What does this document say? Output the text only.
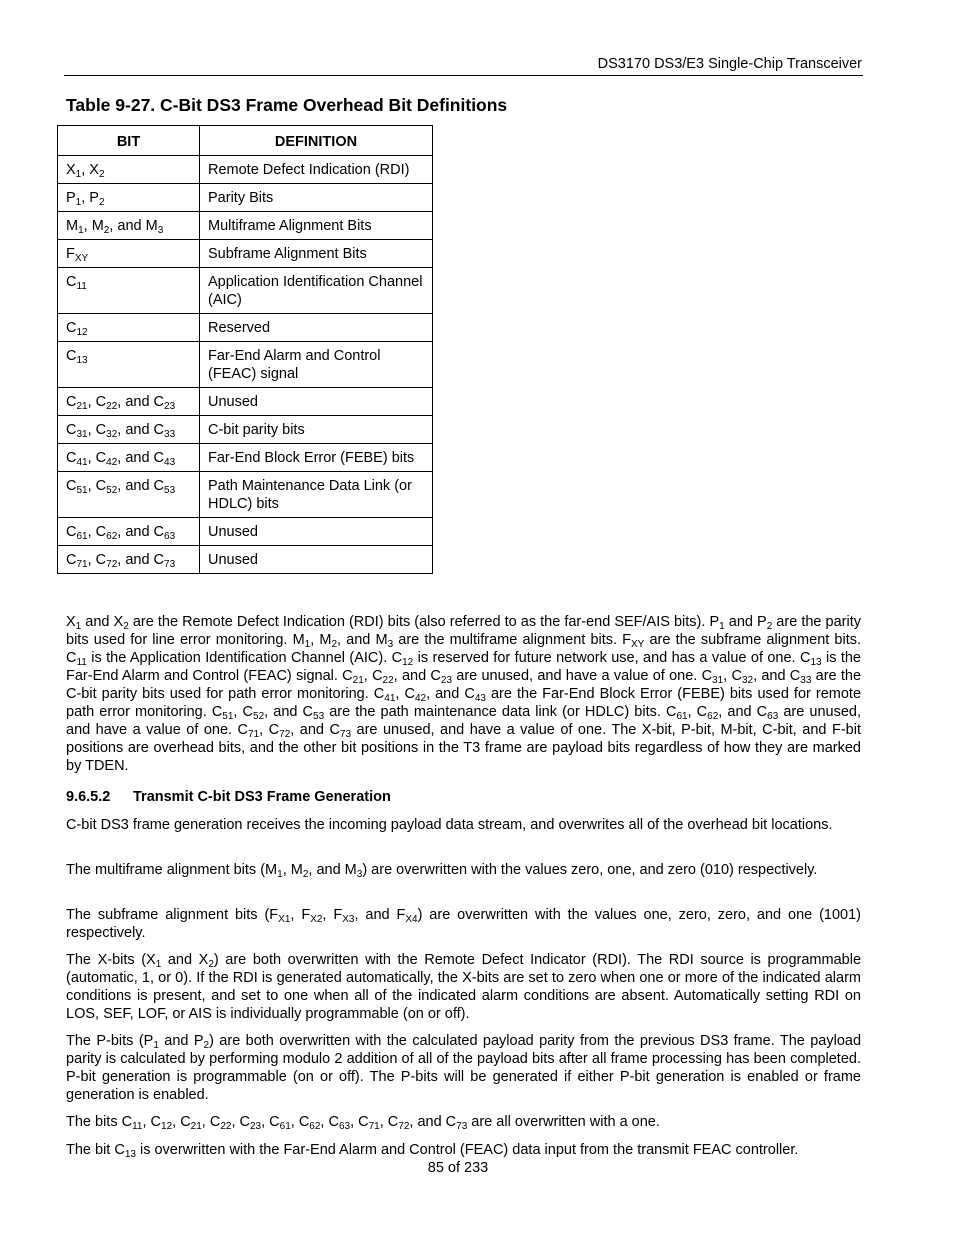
DS3170 DS3/E3 Single-Chip Transceiver
Table 9-27. C-Bit DS3 Frame Overhead Bit Definitions
BIT	DEFINITION
$X_1$, $X_2$	Remote Defect Indication (RDI)
$P_1$, $P_2$	Parity Bits
$M_1$, $M_2$, and $M_3$	Multiframe Alignment Bits
$F_{XY}$	Subframe Alignment Bits
$C_{11}$	Application Identification Channel (AIC)
$C_{12}$	Reserved
$C_{13}$	Far-End Alarm and Control (FEAC) signal
$C_{21}$, $C_{22}$, and $C_{23}$	Unused
$C_{31}$, $C_{32}$, and $C_{33}$	C-bit parity bits
$C_{41}$, $C_{42}$, and $C_{43}$	Far-End Block Error (FEBE) bits
$C_{51}$, $C_{52}$, and $C_{53}$	Path Maintenance Data Link (or HDLC) bits
$C_{61}$, $C_{62}$, and $C_{63}$	Unused
$C_{71}$, $C_{72}$, and $C_{73}$	Unused

$X_1$ and $X_2$ are the Remote Defect Indication (RDI) bits (also referred to as the far-end SEF/AIS bits). $P_1$ and $P_2$ are the parity bits used for line error monitoring. $M_1$, $M_2$, and $M_3$ are the multiframe alignment bits. $F_{XY}$ are the subframe alignment bits. $C_{11}$ is the Application Identification Channel (AIC). $C_{12}$ is reserved for future network use, and has a value of one. $C_{13}$ is the Far-End Alarm and Control (FEAC) signal. $C_{21}$, $C_{22}$, and $C_{23}$ are unused, and have a value of one. $C_{31}$, $C_{32}$, and $C_{33}$ are the C-bit parity bits used for path error monitoring. $C_{41}$, $C_{42}$, and $C_{43}$ are the Far-End Block Error (FEBE) bits used for remote path error monitoring. $C_{51}$, $C_{52}$, and $C_{53}$ are the path maintenance data link (or HDLC) bits. $C_{61}$, $C_{62}$, and $C_{63}$ are unused, and have a value of one. $C_{71}$, $C_{72}$, and $C_{73}$ are unused, and have a value of one. The X-bit, P-bit, M-bit, C-bit, and F-bit positions are overhead bits, and the other bit positions in the T3 frame are payload bits regardless of how they are marked by TDEN.

9.6.5.2 Transmit C-bit DS3 Frame Generation

C-bit DS3 frame generation receives the incoming payload data stream, and overwrites all of the overhead bit locations.

The multiframe alignment bits ($M_1$, $M_2$, and $M_3$) are overwritten with the values zero, one, and zero (010) respectively.

The subframe alignment bits ($F_{X1}$, $F_{X2}$, $F_{X3}$, and $F_{X4}$) are overwritten with the values one, zero, zero, and one (1001) respectively.

The X-bits ($X_1$ and $X_2$) are both overwritten with the Remote Defect Indicator (RDI). The RDI source is programmable (automatic, 1, or 0). If the RDI is generated automatically, the X-bits are set to zero when one or more of the indicated alarm conditions is present, and set to one when all of the indicated alarm conditions are absent. Automatically setting RDI on LOS, SEF, LOF, or AIS is individually programmable (on or off).

The P-bits ($P_1$ and $P_2$) are both overwritten with the calculated payload parity from the previous DS3 frame. The payload parity is calculated by performing modulo 2 addition of all of the payload bits after all frame processing has been completed. P-bit generation is programmable (on or off). The P-bits will be generated if either P-bit generation is enabled or frame generation is enabled.

The bits $C_{11}$, $C_{12}$, $C_{21}$, $C_{22}$, $C_{23}$, $C_{61}$, $C_{62}$, $C_{63}$, $C_{71}$, $C_{72}$, and $C_{73}$ are all overwritten with a one.

The bit $C_{13}$ is overwritten with the Far-End Alarm and Control (FEAC) data input from the transmit FEAC controller.

85 of 233
